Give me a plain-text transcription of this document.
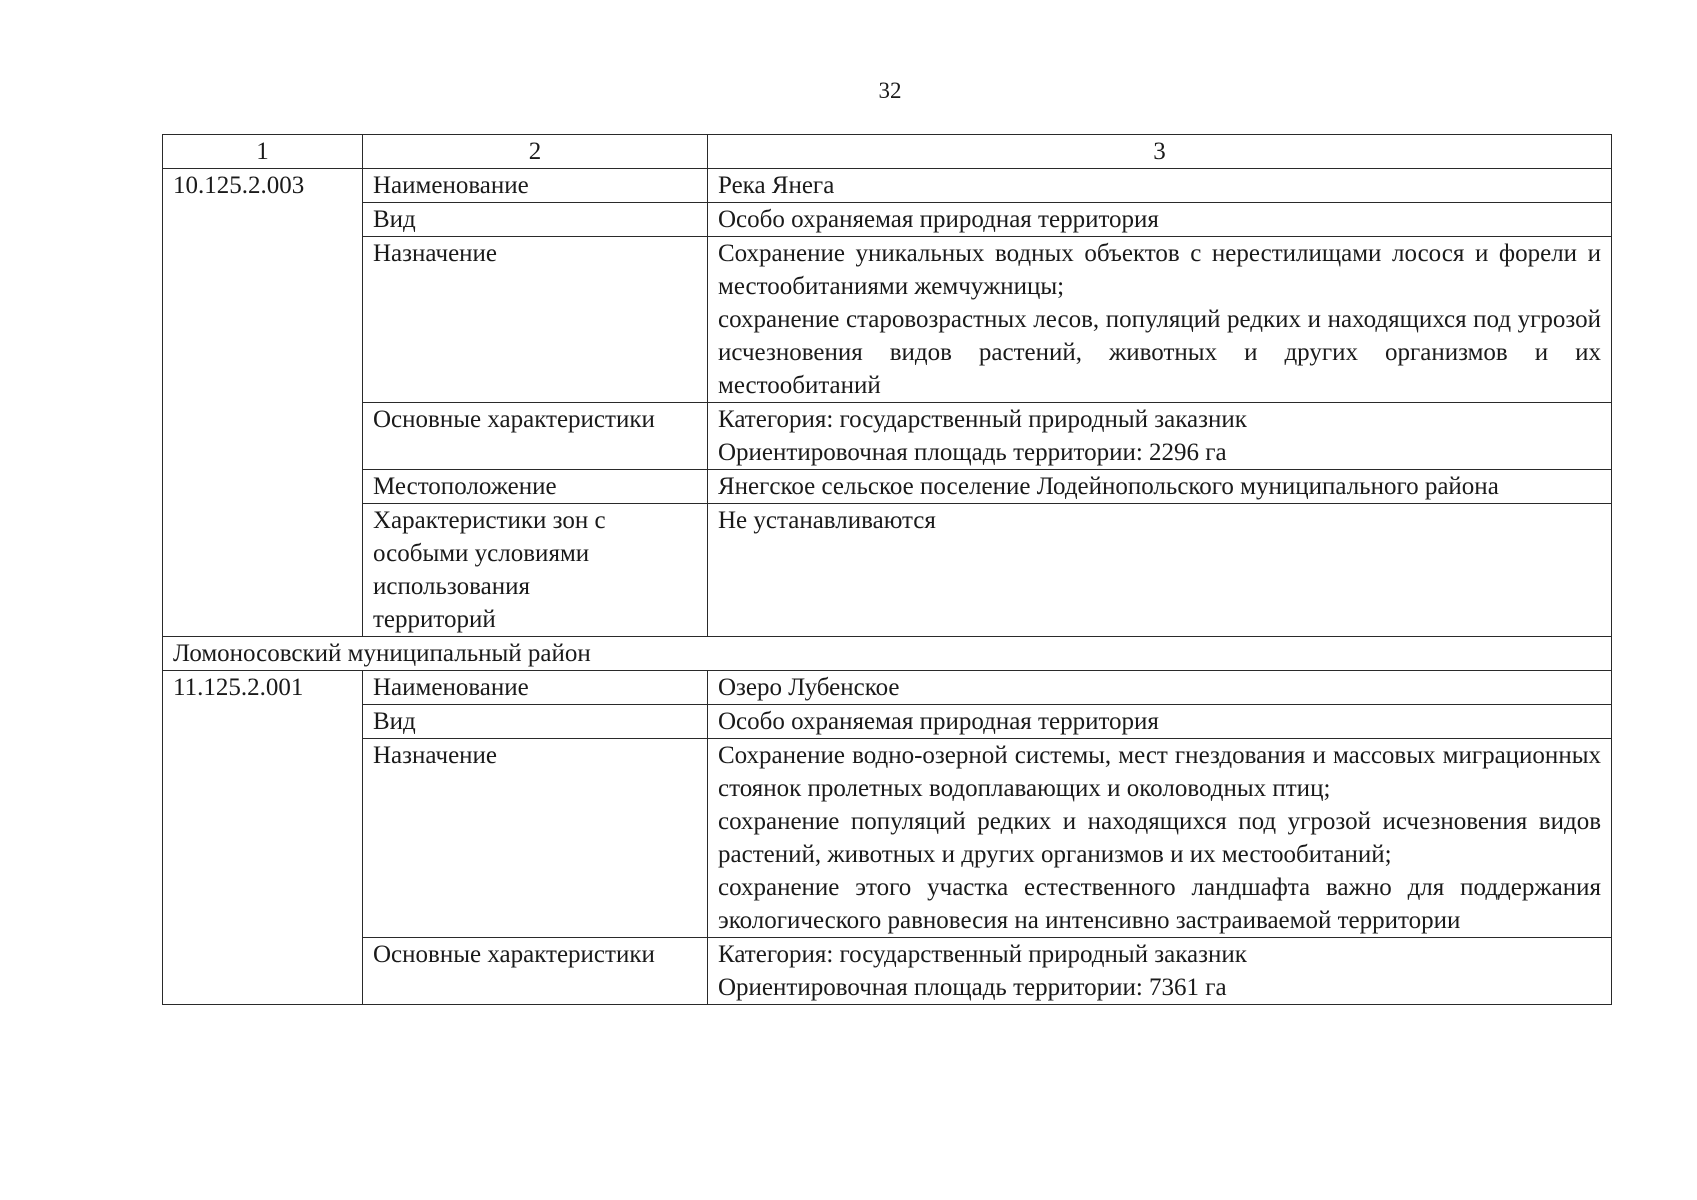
32
1	2	3
10.125.2.003	Наименование	Река Янега

	Вид	Особо охраняемая природная территория

	Назначение	Сохранение уникальных водных объектов с нерестилищами лосося и форели и местообитаниями жемчужницы;
сохранение старовозрастных лесов, популяций редких и находящихся под угрозой исчезновения видов растений, животных и других организмов и их местообитаний

	Основные характеристики	Категория: государственный природный заказник
Ориентировочная площадь территории: 2296 га

	Местоположение	Янегское сельское поселение Лодейнопольского муниципального района

	Характеристики зон с особыми условиями использования территорий	Не устанавливаются

Ломоносовский муниципальный район		
11.125.2.001	Наименование	Озеро Лубенское

	Вид	Особо охраняемая природная территория

	Назначение	Сохранение водно-озерной системы, мест гнездования и массовых миграционных стоянок пролетных водоплавающих и околоводных птиц;
сохранение популяций редких и находящихся под угрозой исчезновения видов растений, животных и других организмов и их местообитаний;
сохранение этого участка естественного ландшафта важно для поддержания экологического равновесия на интенсивно застраиваемой территории

	Основные характеристики	Категория: государственный природный заказник
Ориентировочная площадь территории: 7361 га
